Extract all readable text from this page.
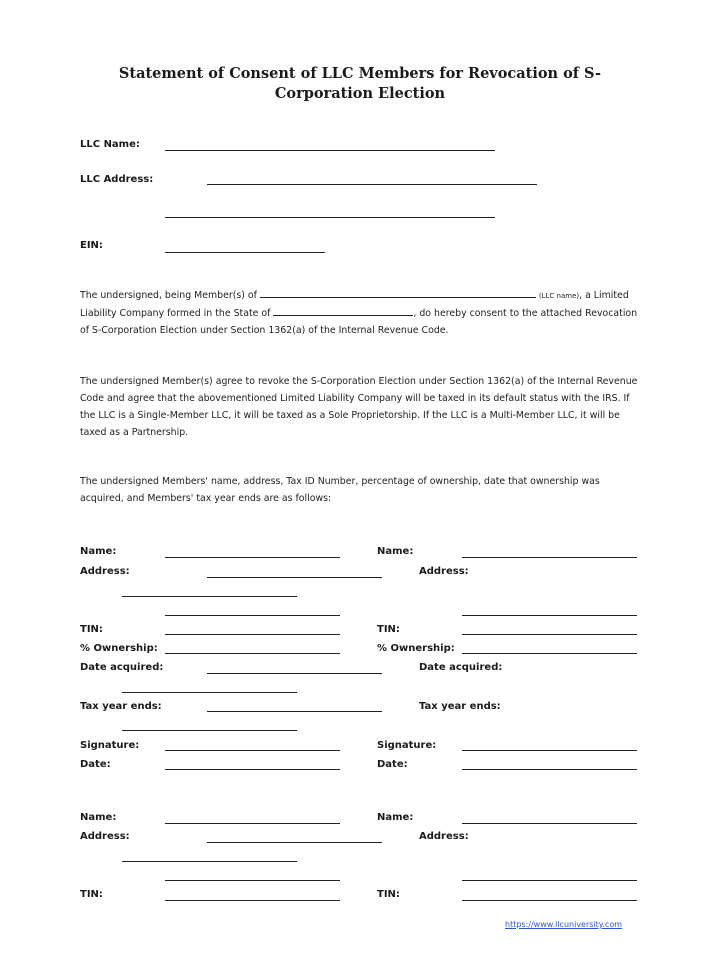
Statement of Consent of LLC Members for Revocation of S-Corporation Election
LLC Name:
LLC Address:
EIN:
The undersigned, being Member(s) of	(LLC name), a Limited Liability Company formed in the State of	, do hereby consent to the attached Revocation of S-Corporation Election under Section 1362(a) of the Internal Revenue Code.
The undersigned Member(s) agree to revoke the S-Corporation Election under Section 1362(a) of the Internal Revenue Code and agree that the abovementioned Limited Liability Company will be taxed in its default status with the IRS. If the LLC is a Single-Member LLC, it will be taxed as a Sole Proprietorship. If the LLC is a Multi-Member LLC, it will be taxed as a Partnership.
The undersigned Members' name, address, Tax ID Number, percentage of ownership, date that ownership was acquired, and Members' tax year ends are as follows:
Name:
Address:
TIN:
% Ownership:
Date acquired:
Tax year ends:
Signature:
Date:
Name:
Address:
TIN:
% Ownership:
Date acquired:
Tax year ends:
Signature:
Date:
Name:
Address:
TIN:
Name:
Address:
TIN:
https://www.llcuniversity.com
